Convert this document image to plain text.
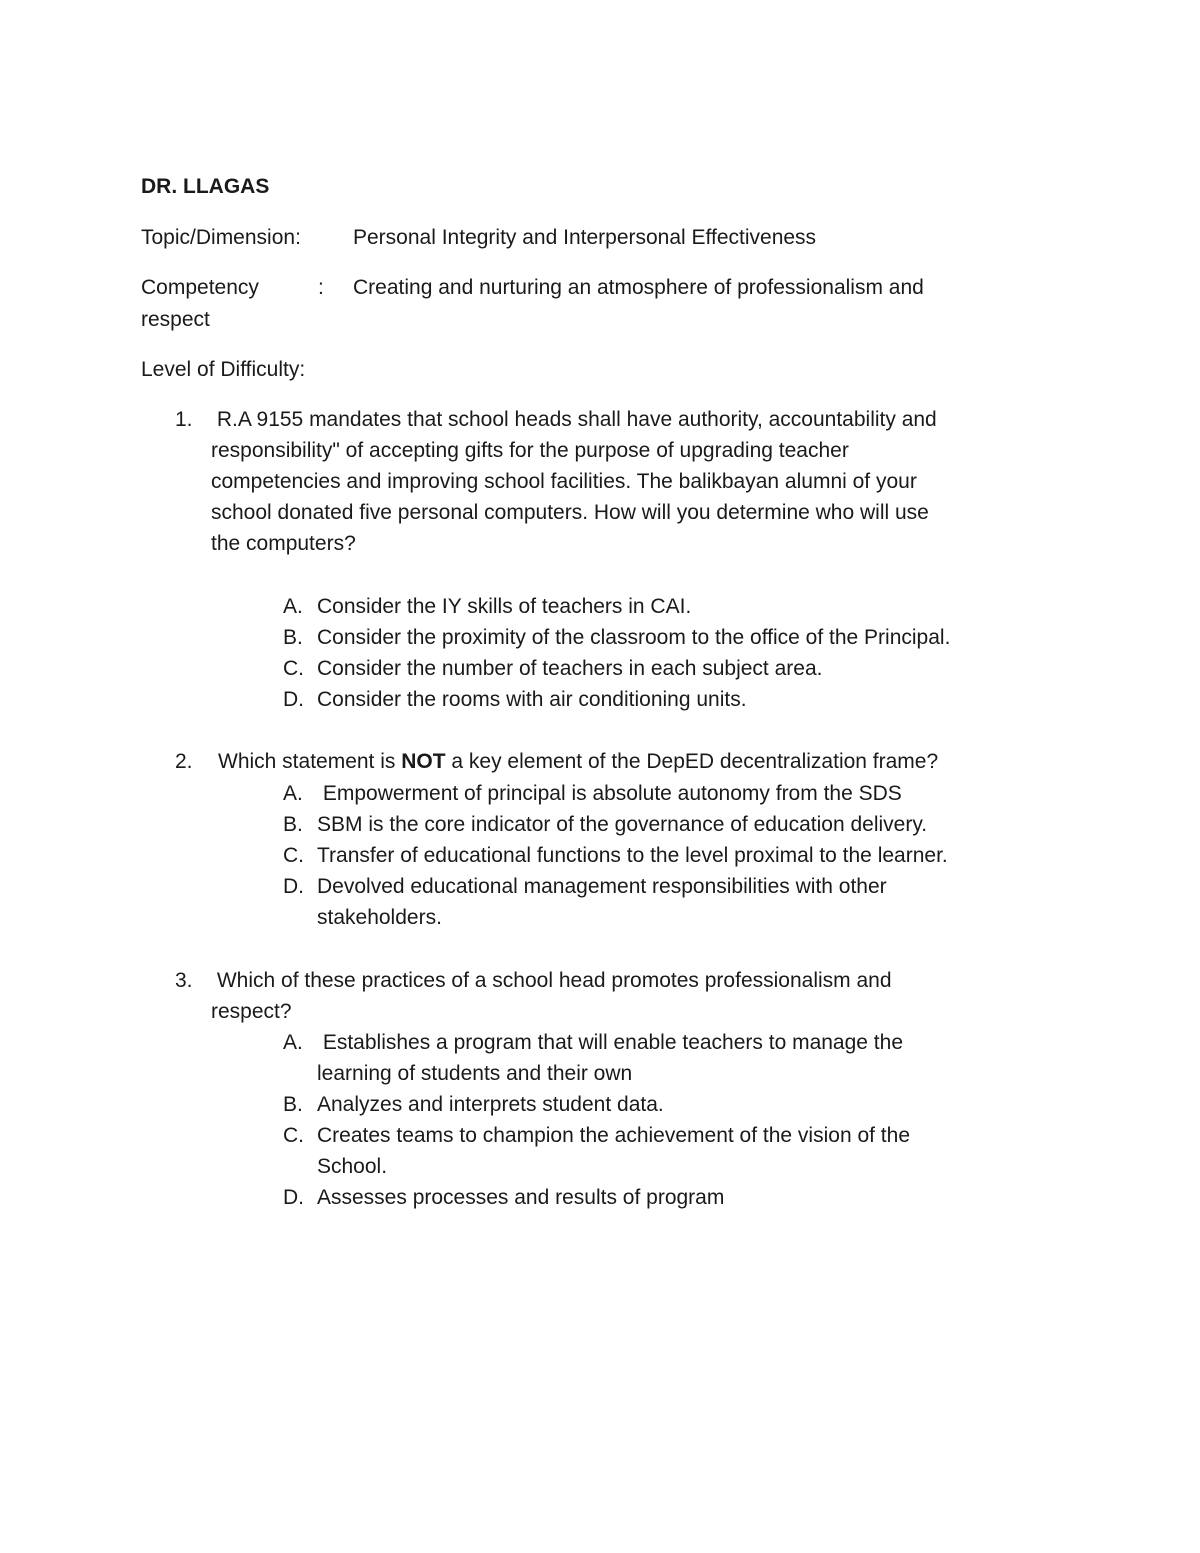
DR. LLAGAS
Topic/Dimension: Personal Integrity and Interpersonal Effectiveness
Competency	: Creating and nurturing an atmosphere of professionalism and
respect
Level of Difficulty:
1. R.A 9155 mandates that school heads shall have authority, accountability and
responsibility" of accepting gifts for the purpose of upgrading teacher
competencies and improving school facilities. The balikbayan alumni of your
school donated five personal computers. How will you determine who will use
the computers?
A. Consider the IY skills of teachers in CAI.
B. Consider the proximity of the classroom to the office of the Principal.
C. Consider the number of teachers in each subject area.
D. Consider the rooms with air conditioning units.
2. Which statement is NOT a key element of the DepED decentralization frame?
A. Empowerment of principal is absolute autonomy from the SDS
B. SBM is the core indicator of the governance of education delivery.
C. Transfer of educational functions to the level proximal to the learner.
D. Devolved educational management responsibilities with other
stakeholders.
3. Which of these practices of a school head promotes professionalism and
respect?
A. Establishes a program that will enable teachers to manage the
learning of students and their own
B. Analyzes and interprets student data.
C. Creates teams to champion the achievement of the vision of the
School.
D. Assesses processes and results of program
